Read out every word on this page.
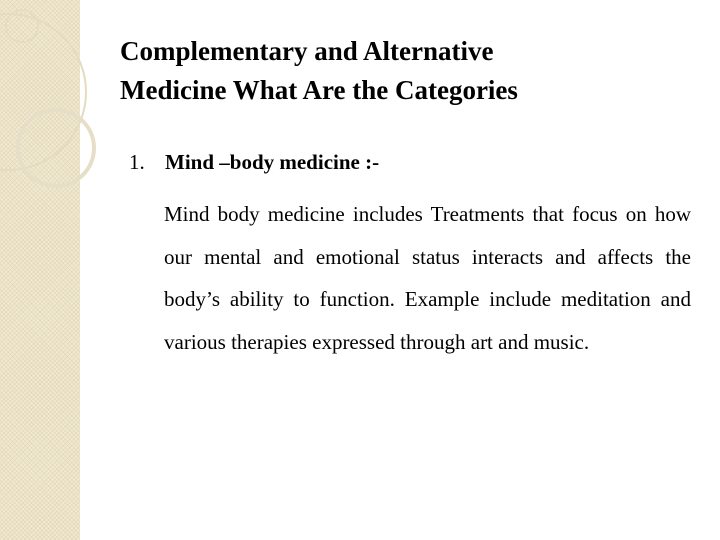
Complementary and Alternative
Medicine What Are the Categories
1. Mind –body medicine :-

Mind body medicine includes Treatments that focus on how our mental and emotional status interacts and affects the body’s ability to function. Example include meditation and various therapies expressed through art and music.
